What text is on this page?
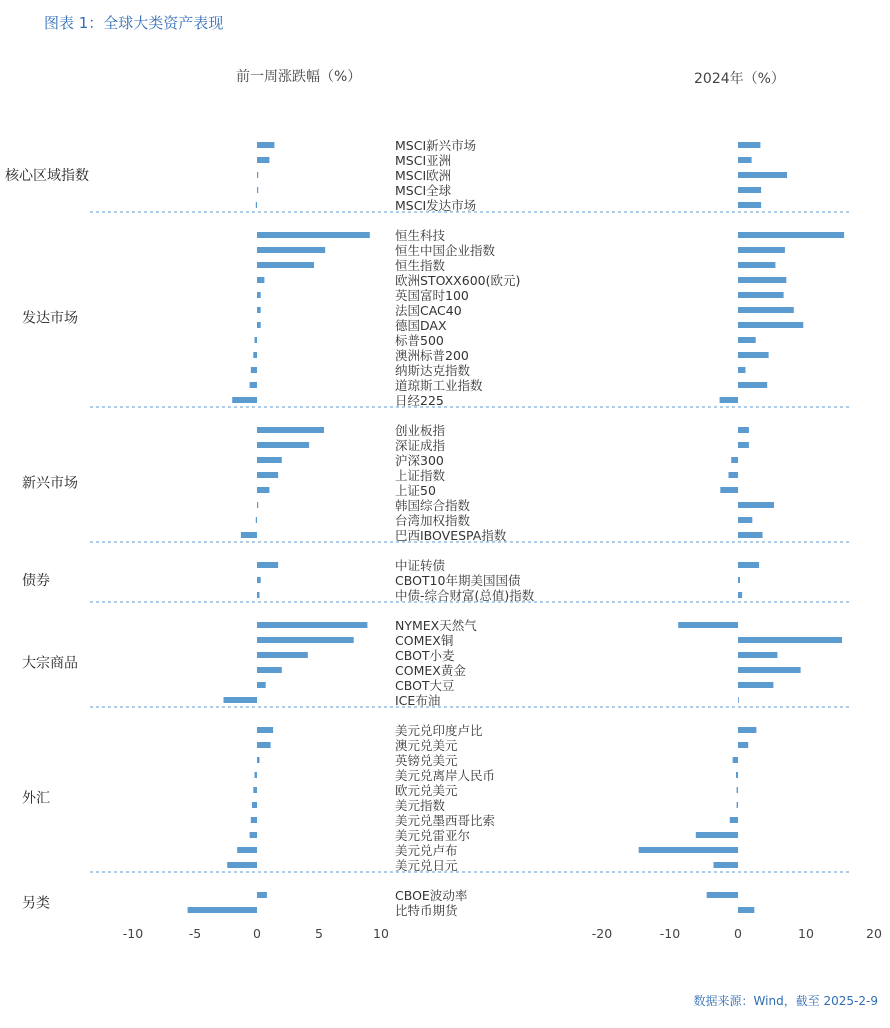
图表 1：全球大类资产表现
前一周涨跌幅（%）	2024年（%）
MSCI新兴市场
MSCI亚洲
MSCI欧洲
MSCI全球
MSCI发达市场
核心区域指数
恒生科技
恒生中国企业指数
恒生指数
欧洲STOXX600(欧元)
英国富时100
法国CAC40
德国DAX
标普500
澳洲标普200
纳斯达克指数
道琼斯工业指数
日经225
发达市场
创业板指
深证成指
沪深300
上证指数
上证50
韩国综合指数
台湾加权指数
巴西IBOVESPA指数
新兴市场
中证转债
CBOT10年期美国国债
中债-综合财富(总值)指数
债券
NYMEX天然气
COMEX铜
CBOT小麦
COMEX黄金
CBOT大豆
ICE布油
大宗商品
美元兑印度卢比
澳元兑美元
英镑兑美元
美元兑离岸人民币
欧元兑美元
美元指数
美元兑墨西哥比索
美元兑雷亚尔
美元兑卢布
美元兑日元
外汇
CBOE波动率
比特币期货
另类
-10	-5	0	5	10	-20	-10	0	10	20
数据来源：Wind，截至 2025-2-9
